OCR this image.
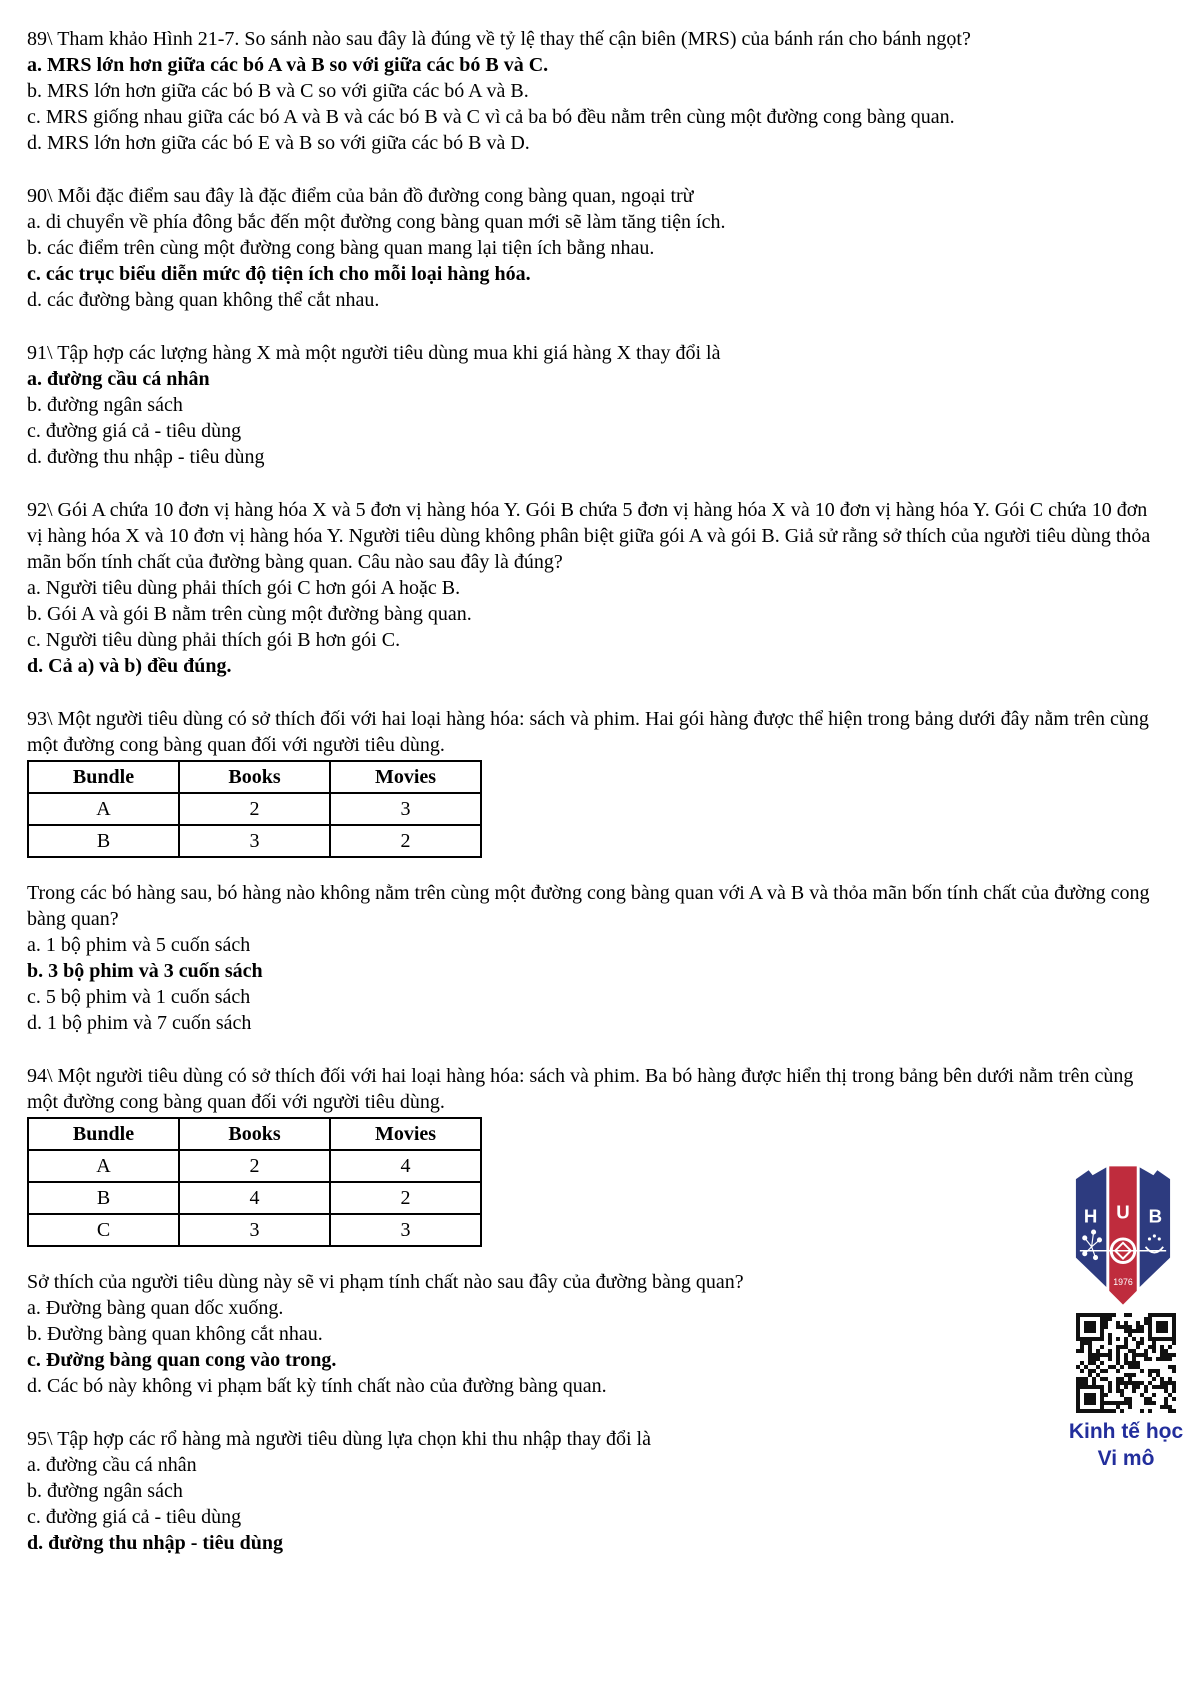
89\ Tham khảo Hình 21-7. So sánh nào sau đây là đúng về tỷ lệ thay thế cận biên (MRS) của bánh rán cho bánh ngọt?

a. MRS lớn hơn giữa các bó A và B so với giữa các bó B và C.

b. MRS lớn hơn giữa các bó B và C so với giữa các bó A và B.

c. MRS giống nhau giữa các bó A và B và các bó B và C vì cả ba bó đều nằm trên cùng một đường cong bàng quan.

d. MRS lớn hơn giữa các bó E và B so với giữa các bó B và D.

90\ Mỗi đặc điểm sau đây là đặc điểm của bản đồ đường cong bàng quan, ngoại trừ

a. di chuyển về phía đông bắc đến một đường cong bàng quan mới sẽ làm tăng tiện ích.

b. các điểm trên cùng một đường cong bàng quan mang lại tiện ích bằng nhau.

c. các trục biểu diễn mức độ tiện ích cho mỗi loại hàng hóa.

d. các đường bàng quan không thể cắt nhau.

91\ Tập hợp các lượng hàng X mà một người tiêu dùng mua khi giá hàng X thay đổi là

a. đường cầu cá nhân

b. đường ngân sách

c. đường giá cả - tiêu dùng

d. đường thu nhập - tiêu dùng

92\ Gói A chứa 10 đơn vị hàng hóa X và 5 đơn vị hàng hóa Y. Gói B chứa 5 đơn vị hàng hóa X và 10 đơn vị hàng hóa Y. Gói C chứa 10 đơn vị hàng hóa X và 10 đơn vị hàng hóa Y. Người tiêu dùng không phân biệt giữa gói A và gói B. Giả sử rằng sở thích của người tiêu dùng thỏa mãn bốn tính chất của đường bàng quan. Câu nào sau đây là đúng?

a. Người tiêu dùng phải thích gói C hơn gói A hoặc B.

b. Gói A và gói B nằm trên cùng một đường bàng quan.

c. Người tiêu dùng phải thích gói B hơn gói C.

d. Cả a) và b) đều đúng.

93\ Một người tiêu dùng có sở thích đối với hai loại hàng hóa: sách và phim. Hai gói hàng được thể hiện trong bảng dưới đây nằm trên cùng một đường cong bàng quan đối với người tiêu dùng.

Bundle	Books	Movies
A	2	3
B	3	2

Trong các bó hàng sau, bó hàng nào không nằm trên cùng một đường cong bàng quan với A và B và thỏa mãn bốn tính chất của đường cong bàng quan?

a. 1 bộ phim và 5 cuốn sách

b. 3 bộ phim và 3 cuốn sách

c. 5 bộ phim và 1 cuốn sách

d. 1 bộ phim và 7 cuốn sách

94\ Một người tiêu dùng có sở thích đối với hai loại hàng hóa: sách và phim. Ba bó hàng được hiển thị trong bảng bên dưới nằm trên cùng một đường cong bàng quan đối với người tiêu dùng.

Bundle	Books	Movies
A	2	4
B	4	2
C	3	3

Sở thích của người tiêu dùng này sẽ vi phạm tính chất nào sau đây của đường bàng quan?

a. Đường bàng quan dốc xuống.

b. Đường bàng quan không cắt nhau.

c. Đường bàng quan cong vào trong.

d. Các bó này không vi phạm bất kỳ tính chất nào của đường bàng quan.

95\ Tập hợp các rổ hàng mà người tiêu dùng lựa chọn khi thu nhập thay đổi là

a. đường cầu cá nhân

b. đường ngân sách

c. đường giá cả - tiêu dùng

d. đường thu nhập - tiêu dùng

H U B
1976
Kinh tế học
Vi mô
